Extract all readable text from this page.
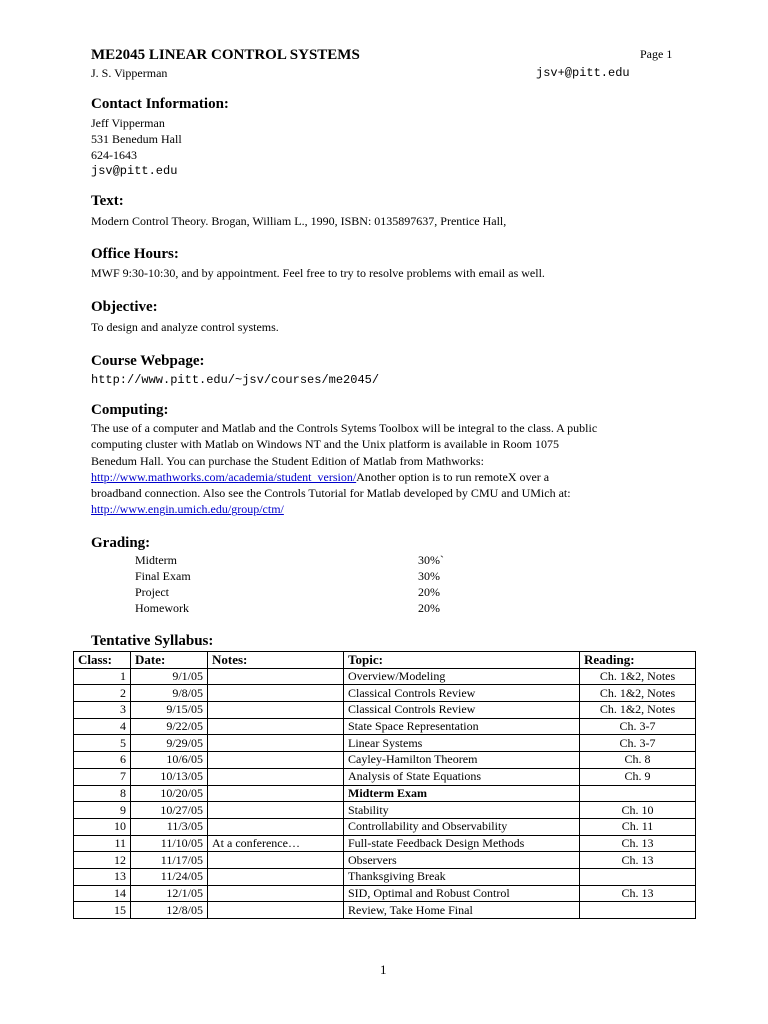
ME2045 LINEAR CONTROL SYSTEMS	Page 1
J. S. Vipperman	jsv+@pitt.edu
Contact Information:
Jeff Vipperman
531 Benedum Hall
624-1643
jsv@pitt.edu
Text:
Modern Control Theory. Brogan, William L., 1990, ISBN: 0135897637, Prentice Hall,
Office Hours:
MWF 9:30-10:30, and by appointment. Feel free to try to resolve problems with email as well.
Objective:
To design and analyze control systems.
Course Webpage:
http://www.pitt.edu/~jsv/courses/me2045/
Computing:
The use of a computer and Matlab and the Controls Sytems Toolbox will be integral to the class. A public
computing cluster with Matlab on Windows NT and the Unix platform is available in Room 1075
Benedum Hall. You can purchase the Student Edition of Matlab from Mathworks:
http://www.mathworks.com/academia/student_version/Another option is to run remoteX over a
broadband connection. Also see the Controls Tutorial for Matlab developed by CMU and UMich at:
http://www.engin.umich.edu/group/ctm/
Grading:
Midterm	30%`
Final Exam	30%
Project	20%
Homework	20%
Tentative Syllabus:
Class:	Date:	Notes:	Topic:	Reading:
1	9/1/05		Overview/Modeling	Ch. 1&2, Notes
2	9/8/05		Classical Controls Review	Ch. 1&2, Notes
3	9/15/05		Classical Controls Review	Ch. 1&2, Notes
4	9/22/05		State Space Representation	Ch. 3-7
5	9/29/05		Linear Systems	Ch. 3-7
6	10/6/05		Cayley-Hamilton Theorem	Ch. 8
7	10/13/05		Analysis of State Equations	Ch. 9
8	10/20/05		Midterm Exam	
9	10/27/05		Stability	Ch. 10
10	11/3/05		Controllability and Observability	Ch. 11
11	11/10/05	At a conference…	Full-state Feedback Design Methods	Ch. 13
12	11/17/05		Observers	Ch. 13
13	11/24/05		Thanksgiving Break	
14	12/1/05		SID, Optimal and Robust Control	Ch. 13
15	12/8/05		Review, Take Home Final	
1
